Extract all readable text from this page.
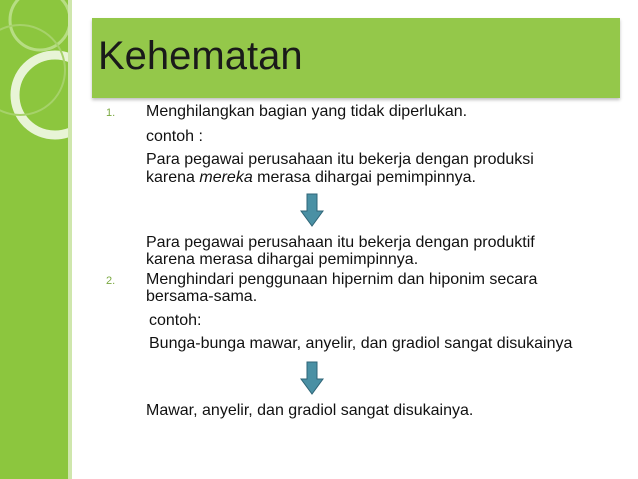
Kehematan
1. Menghilangkan bagian yang tidak diperlukan.
contoh :
Para pegawai perusahaan itu bekerja dengan produksi
karena mereka merasa dihargai pemimpinnya.
Para pegawai perusahaan itu bekerja dengan produktif
karena merasa dihargai pemimpinnya.
2. Menghindari penggunaan hipernim dan hiponim secara
bersama-sama.
contoh:
Bunga-bunga mawar, anyelir, dan gradiol sangat disukainya
Mawar, anyelir, dan gradiol sangat disukainya.
